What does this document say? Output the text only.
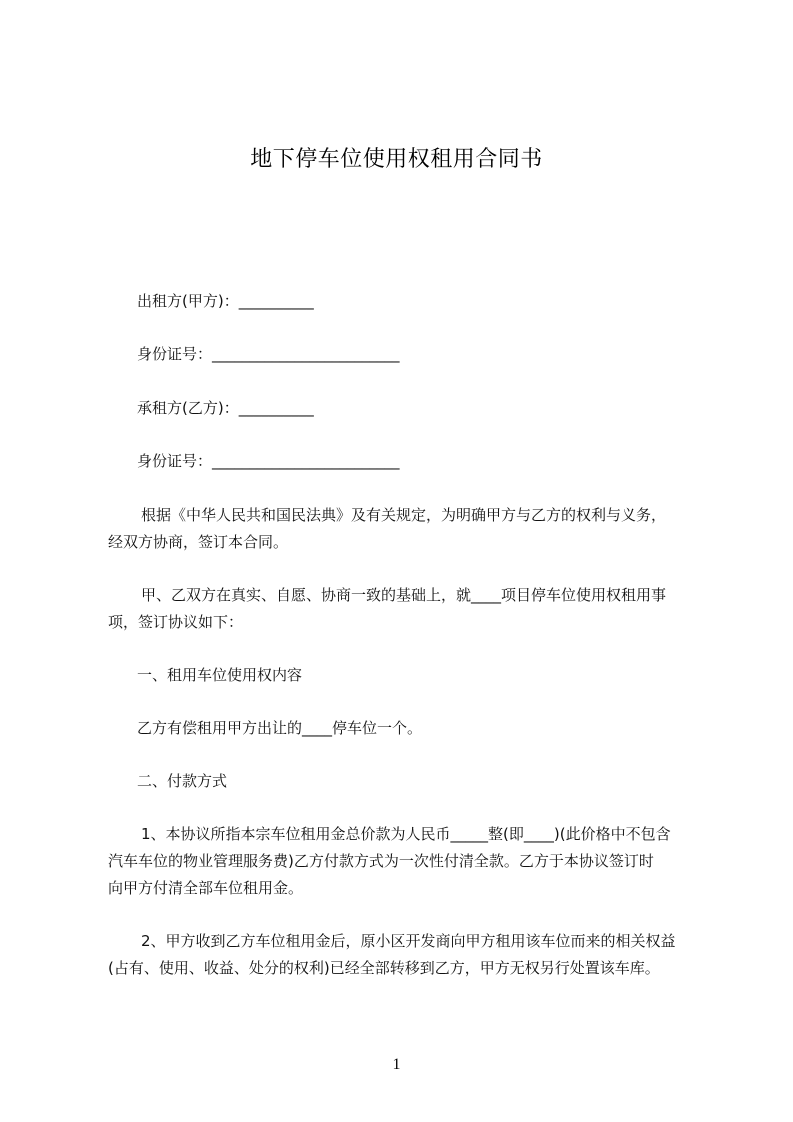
地下停车位使用权租用合同书
出租方(甲方)：__________
身份证号：_________________________
承租方(乙方)：__________
身份证号：_________________________
根据《中华人民共和国民法典》及有关规定，为明确甲方与乙方的权利与义务，
经双方协商，签订本合同。
甲、乙双方在真实、自愿、协商一致的基础上，就____项目停车位使用权租用事
项，签订协议如下：
一、租用车位使用权内容
乙方有偿租用甲方出让的____停车位一个。
二、付款方式
1、本协议所指本宗车位租用金总价款为人民币_____整(即____)(此价格中不包含
汽车车位的物业管理服务费)乙方付款方式为一次性付清全款。乙方于本协议签订时
向甲方付清全部车位租用金。
2、甲方收到乙方车位租用金后，原小区开发商向甲方租用该车位而来的相关权益
(占有、使用、收益、处分的权利)已经全部转移到乙方，甲方无权另行处置该车库。
1
